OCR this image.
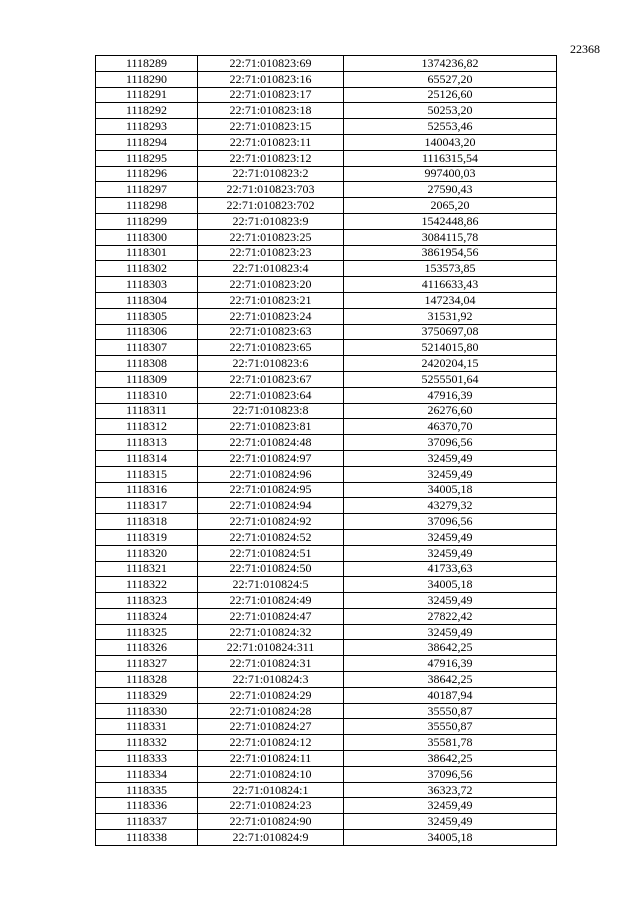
22368
1118289	22:71:010823:69	1374236,82
1118290	22:71:010823:16	65527,20
1118291	22:71:010823:17	25126,60
1118292	22:71:010823:18	50253,20
1118293	22:71:010823:15	52553,46
1118294	22:71:010823:11	140043,20
1118295	22:71:010823:12	1116315,54
1118296	22:71:010823:2	997400,03
1118297	22:71:010823:703	27590,43
1118298	22:71:010823:702	2065,20
1118299	22:71:010823:9	1542448,86
1118300	22:71:010823:25	3084115,78
1118301	22:71:010823:23	3861954,56
1118302	22:71:010823:4	153573,85
1118303	22:71:010823:20	4116633,43
1118304	22:71:010823:21	147234,04
1118305	22:71:010823:24	31531,92
1118306	22:71:010823:63	3750697,08
1118307	22:71:010823:65	5214015,80
1118308	22:71:010823:6	2420204,15
1118309	22:71:010823:67	5255501,64
1118310	22:71:010823:64	47916,39
1118311	22:71:010823:8	26276,60
1118312	22:71:010823:81	46370,70
1118313	22:71:010824:48	37096,56
1118314	22:71:010824:97	32459,49
1118315	22:71:010824:96	32459,49
1118316	22:71:010824:95	34005,18
1118317	22:71:010824:94	43279,32
1118318	22:71:010824:92	37096,56
1118319	22:71:010824:52	32459,49
1118320	22:71:010824:51	32459,49
1118321	22:71:010824:50	41733,63
1118322	22:71:010824:5	34005,18
1118323	22:71:010824:49	32459,49
1118324	22:71:010824:47	27822,42
1118325	22:71:010824:32	32459,49
1118326	22:71:010824:311	38642,25
1118327	22:71:010824:31	47916,39
1118328	22:71:010824:3	38642,25
1118329	22:71:010824:29	40187,94
1118330	22:71:010824:28	35550,87
1118331	22:71:010824:27	35550,87
1118332	22:71:010824:12	35581,78
1118333	22:71:010824:11	38642,25
1118334	22:71:010824:10	37096,56
1118335	22:71:010824:1	36323,72
1118336	22:71:010824:23	32459,49
1118337	22:71:010824:90	32459,49
1118338	22:71:010824:9	34005,18
